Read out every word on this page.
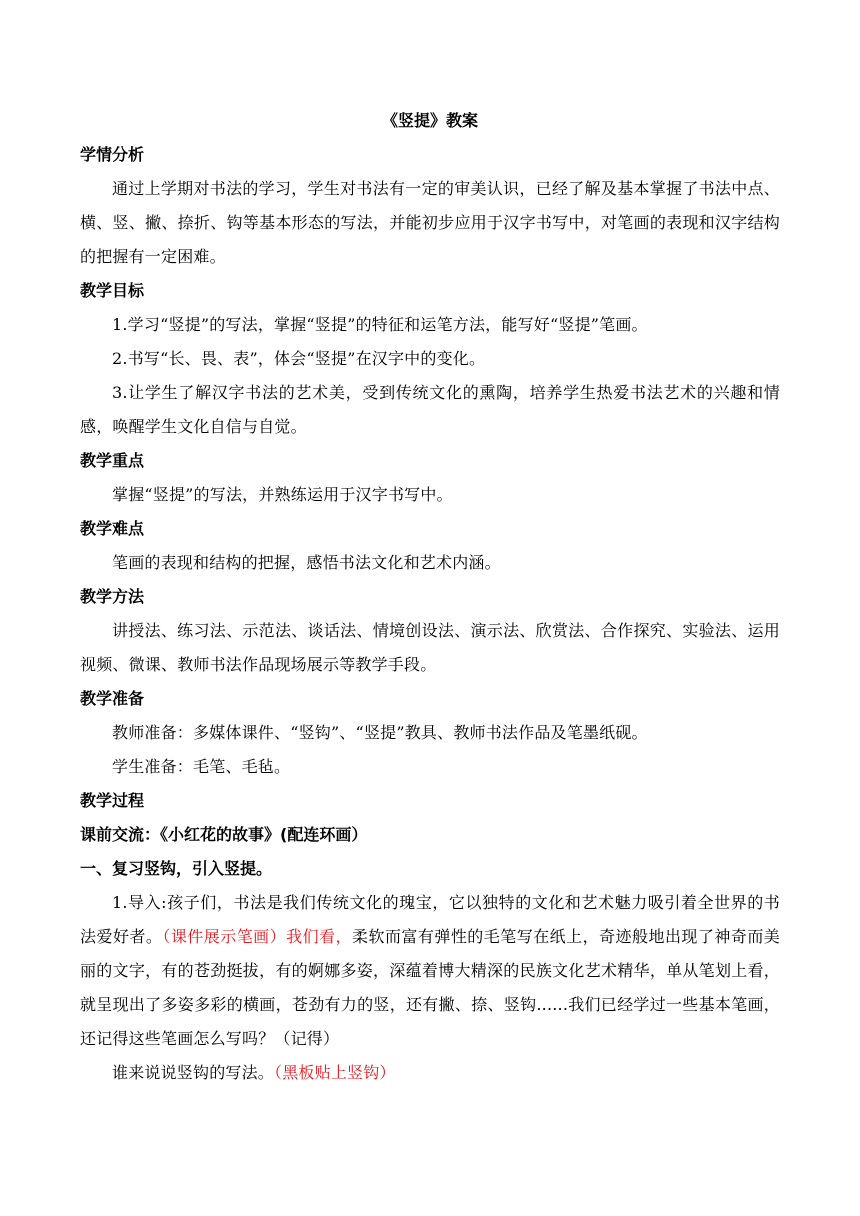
《竖提》教案

学情分析

通过上学期对书法的学习，学生对书法有一定的审美认识，已经了解及基本掌握了书法中点、横、竖、撇、捺折、钩等基本形态的写法，并能初步应用于汉字书写中，对笔画的表现和汉字结构的把握有一定困难。

教学目标

1.学习“竖提”的写法，掌握“竖提”的特征和运笔方法，能写好“竖提”笔画。

2.书写“长、畏、表”，体会“竖提”在汉字中的变化。

3.让学生了解汉字书法的艺术美，受到传统文化的熏陶，培养学生热爱书法艺术的兴趣和情感，唤醒学生文化自信与自觉。

教学重点

掌握“竖提”的写法，并熟练运用于汉字书写中。

教学难点

笔画的表现和结构的把握，感悟书法文化和艺术内涵。

教学方法

讲授法、练习法、示范法、谈话法、情境创设法、演示法、欣赏法、合作探究、实验法、运用视频、微课、教师书法作品现场展示等教学手段。

教学准备

教师准备：多媒体课件、“竖钩”、“竖提”教具、教师书法作品及笔墨纸砚。

学生准备：毛笔、毛毡。

教学过程

课前交流：《小红花的故事》(配连环画）

一、复习竖钩，引入竖提。

1.导入:孩子们，书法是我们传统文化的瑰宝，它以独特的文化和艺术魅力吸引着全世界的书法爱好者。（课件展示笔画）我们看，柔软而富有弹性的毛笔写在纸上，奇迹般地出现了神奇而美丽的文字，有的苍劲挺拔，有的婀娜多姿，深蕴着博大精深的民族文化艺术精华，单从笔划上看，就呈现出了多姿多彩的横画，苍劲有力的竖，还有撇、捺、竖钩......我们已经学过一些基本笔画，还记得这些笔画怎么写吗？（记得）

谁来说说竖钩的写法。（黑板贴上竖钩）
